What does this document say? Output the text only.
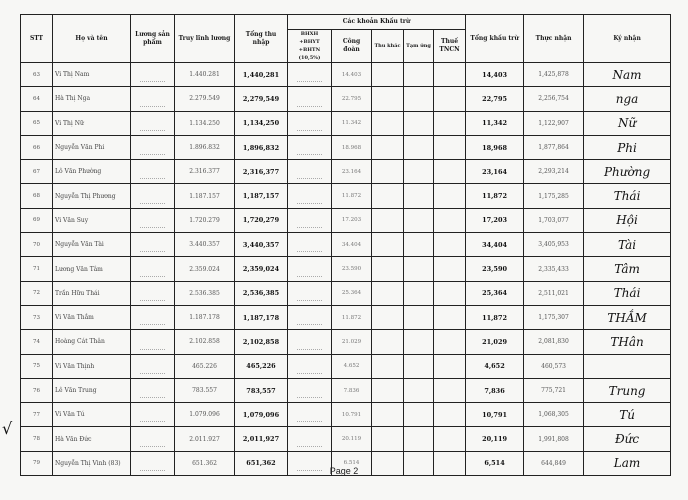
STT	Họ và tên	Lương sản phẩm	Truy lĩnh lương	Tổng thu nhập	Các khoản Khấu trừ					Tổng khấu trừ	Thực nhận	Ký nhận
					BHXH +BHYT +BHTN (10,5%)	Công đoàn	Thu khác	Tạm ứng	Thuế TNCN			
63	Vi Thị Nam		1.440.281	1,440,281		14.403				14,403	1,425,878	Nam
64	Hà Thị Nga		2.279.549	2,279,549		22.795				22,795	2,256,754	nga
65	Vi Thị Nữ		1.134.250	1,134,250		11.342				11,342	1,122,907	Nữ
66	Nguyễn Văn Phi		1.896.832	1,896,832		18.968				18,968	1,877,864	Phi
67	Lô Văn Phường		2.316.377	2,316,377		23.164				23,164	2,293,214	Phường
68	Nguyễn Thị Phương		1.187.157	1,187,157		11.872				11,872	1,175,285	Thái
69	Vi Văn Suy		1.720.279	1,720,279		17.203				17,203	1,703,077	Hội
70	Nguyễn Văn Tài		3.440.357	3,440,357		34.404				34,404	3,405,953	Tài
71	Lương Văn Tâm		2.359.024	2,359,024		23.590				23,590	2,335,433	Tâm
72	Trần Hữu Thái		2.536.385	2,536,385		25.364				25,364	2,511,021	Thái
73	Vi Văn Thắm		1.187.178	1,187,178		11.872				11,872	1,175,307	THẮM
74	Hoàng Cát Thân		2.102.858	2,102,858		21.029				21,029	2,081,830	THân
75	Vi Văn Thịnh		465.226	465,226		4.652				4,652	460,573	
76	Lê Văn Trung		783.557	783,557		7.836				7,836	775,721	Trung
77	Vi Văn Tú		1.079.096	1,079,096		10.791				10,791	1,068,305	Tú
78	Hà Văn Đức		2.011.927	2,011,927		20.119				20,119	1,991,808	Đức
79	Nguyễn Thị Vinh (83)		651.362	651,362		6.514				6,514	644,849	Lam
√
Page 2
